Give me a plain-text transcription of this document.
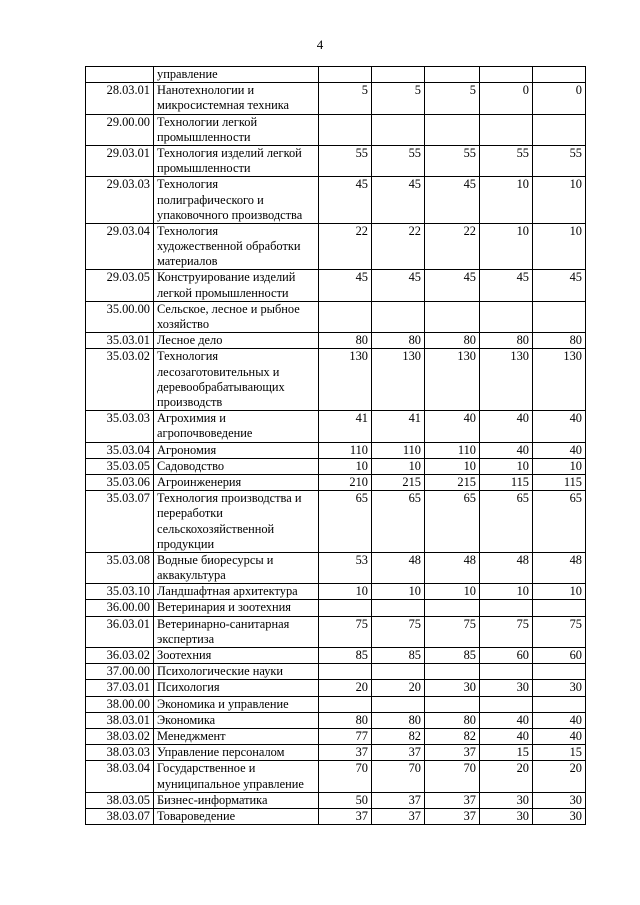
4

	управление					

28.03.01	Нанотехнологии и
микросистемная техника	5	5	5	0	0
29.00.00	Технологии легкой
промышленности					

29.03.01	Технология изделий легкой
промышленности	55	55	55	55	55
29.03.03	Технология
полиграфического и
упаковочного производства	45	45	45	10	10
29.03.04	Технология
художественной обработки
материалов	22	22	22	10	10
29.03.05	Конструирование изделий
легкой промышленности	45	45	45	45	45
35.00.00	Сельское, лесное и рыбное
хозяйство					

35.03.01	Лесное дело	80	80	80	80	80
35.03.02	Технология
лесозаготовительных и
деревообрабатывающих
производств	130	130	130	130	130
35.03.03	Агрохимия и
агропочвоведение	41	41	40	40	40
35.03.04	Агрономия	110	110	110	40	40
35.03.05	Садоводство	10	10	10	10	10
35.03.06	Агроинженерия	210	215	215	115	115
35.03.07	Технология производства и
переработки
сельскохозяйственной
продукции	65	65	65	65	65
35.03.08	Водные биоресурсы и
аквакультура	53	48	48	48	48
35.03.10	Ландшафтная архитектура	10	10	10	10	10
36.00.00	Ветеринария и зоотехния					

36.03.01	Ветеринарно-санитарная
экспертиза	75	75	75	75	75
36.03.02	Зоотехния	85	85	85	60	60
37.00.00	Психологические науки					

37.03.01	Психология	20	20	30	30	30
38.00.00	Экономика и управление					

38.03.01	Экономика	80	80	80	40	40
38.03.02	Менеджмент	77	82	82	40	40
38.03.03	Управление персоналом	37	37	37	15	15
38.03.04	Государственное и
муниципальное управление	70	70	70	20	20
38.03.05	Бизнес-информатика	50	37	37	30	30
38.03.07	Товароведение	37	37	37	30	30
